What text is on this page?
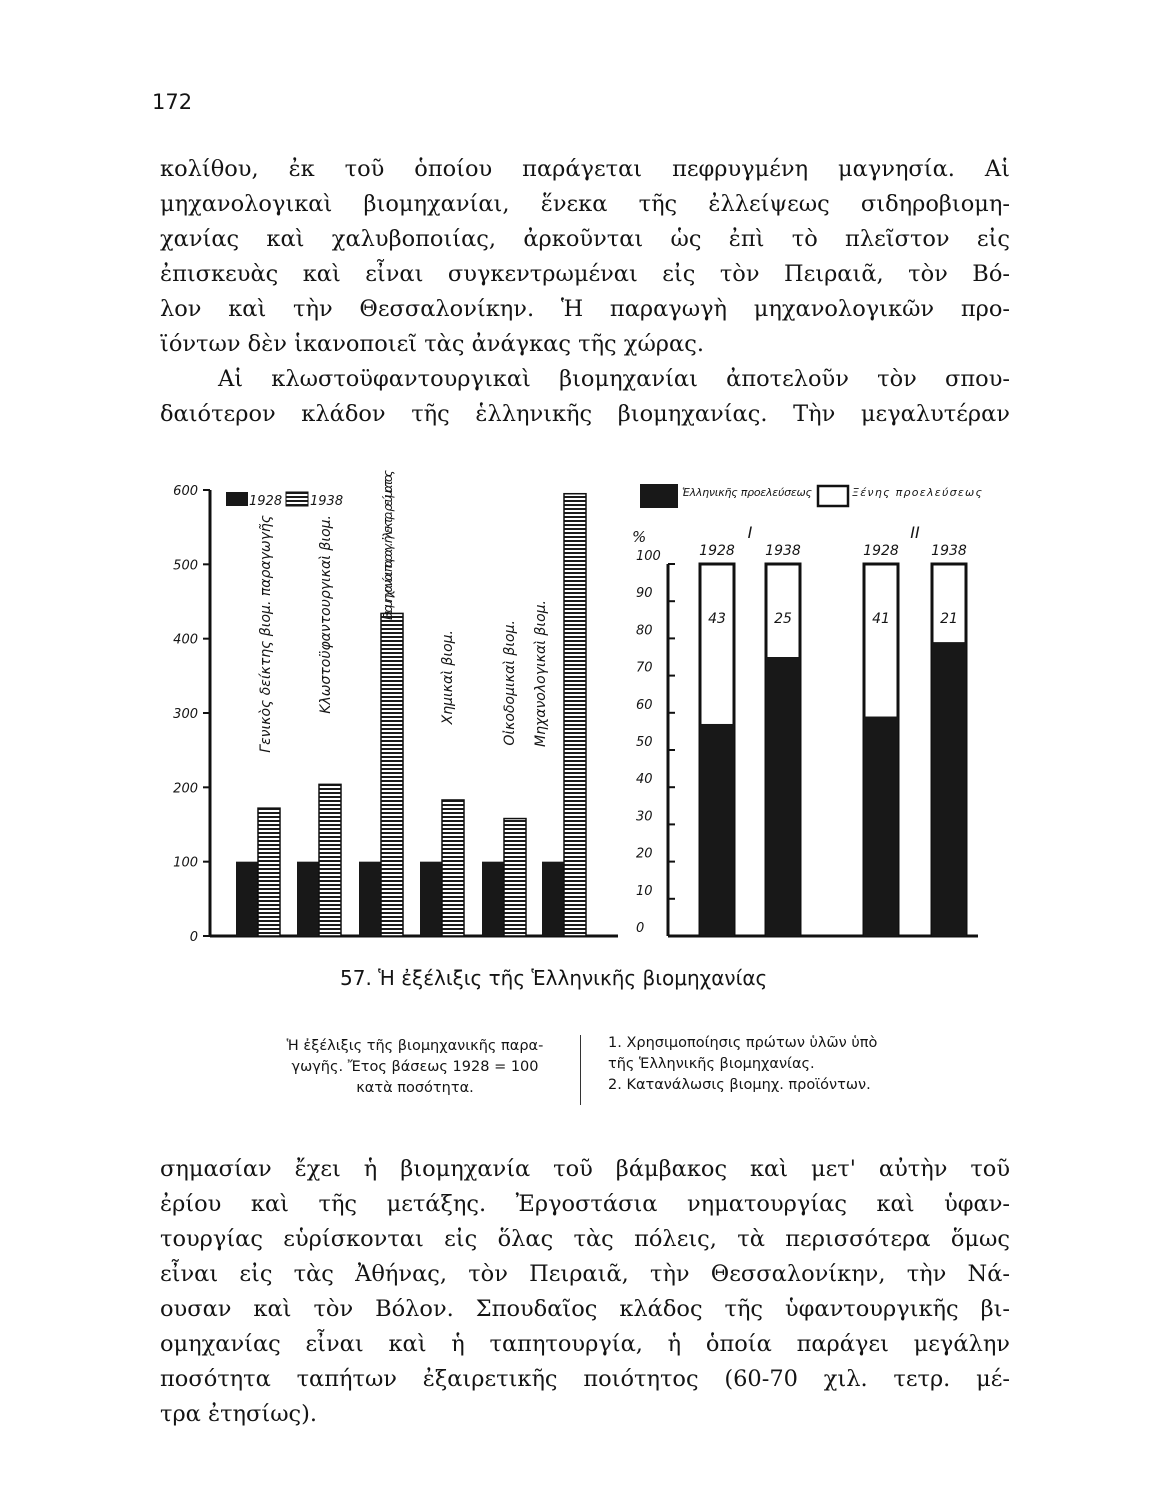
172
κολίθου, ἐκ τοῦ ὁποίου παράγεται πεφρυγμένη μαγνησία. Αἱ
μηχανολογικαὶ βιομηχανίαι, ἕνεκα τῆς ἐλλείψεως σιδηροβιομη-
χανίας καὶ χαλυβοποιίας, ἀρκοῦνται ὡς ἐπὶ τὸ πλεῖστον εἰς
ἐπισκευὰς καὶ εἶναι συγκεντρωμέναι εἰς τὸν Πειραιᾶ, τὸν Βό-
λον καὶ τὴν Θεσσαλονίκην. Ἡ παραγωγὴ μηχανολογικῶν προ-
ϊόντων δὲν ἱκανοποιεῖ τὰς ἀνάγκας τῆς χώρας.
Αἱ κλωστοϋφαντουργικαὶ βιομηχανίαι ἀποτελοῦν τὸν σπου-
δαιότερον κλάδον τῆς ἑλληνικῆς βιομηχανίας. Τὴν μεγαλυτέραν
0
100
200
300
400
500
600
Γενικὸς δείκτης βιομ. παραγωγῆς	Κλωστοϋφαντουργικαὶ βιομ.	Βιομηχανίαι παραγ. ἠλεκτρ. ρεύματος
Χημικαὶ βιομ.	Οἰκοδομικαὶ βιομ. Μηχανολογικαὶ βιομ.
1928 1938
0
10
20
30
40
50
60
70
80
90
100
%
43
1928
25
1938
41
1928
21
1938
I	II
Ἑλληνικῆς προελεύσεως	Ξένης προελεύσεως
57. Ἡ ἐξέλιξις τῆς Ἑλληνικῆς βιομηχανίας
Ἡ ἐξέλιξις τῆς βιομηχανικῆς παρα-
γωγῆς. Ἔτος βάσεως 1928 = 100
κατὰ ποσότητα.
1. Χρησιμοποίησις πρώτων ὑλῶν ὑπὸ
τῆς Ἑλληνικῆς βιομηχανίας.
2. Κατανάλωσις βιομηχ. προϊόντων.
σημασίαν ἔχει ἡ βιομηχανία τοῦ βάμβακος καὶ μετ' αὐτὴν τοῦ
ἐρίου καὶ τῆς μετάξης. Ἐργοστάσια νηματουργίας καὶ ὑφαν-
τουργίας εὑρίσκονται εἰς ὅλας τὰς πόλεις, τὰ περισσότερα ὅμως
εἶναι εἰς τὰς Ἀθήνας, τὸν Πειραιᾶ, τὴν Θεσσαλονίκην, τὴν Νά-
ουσαν καὶ τὸν Βόλον. Σπουδαῖος κλάδος τῆς ὑφαντουργικῆς βι-
ομηχανίας εἶναι καὶ ἡ ταπητουργία, ἡ ὁποία παράγει μεγάλην
ποσότητα ταπήτων ἐξαιρετικῆς ποιότητος (60-70 χιλ. τετρ. μέ-
τρα ἐτησίως).
